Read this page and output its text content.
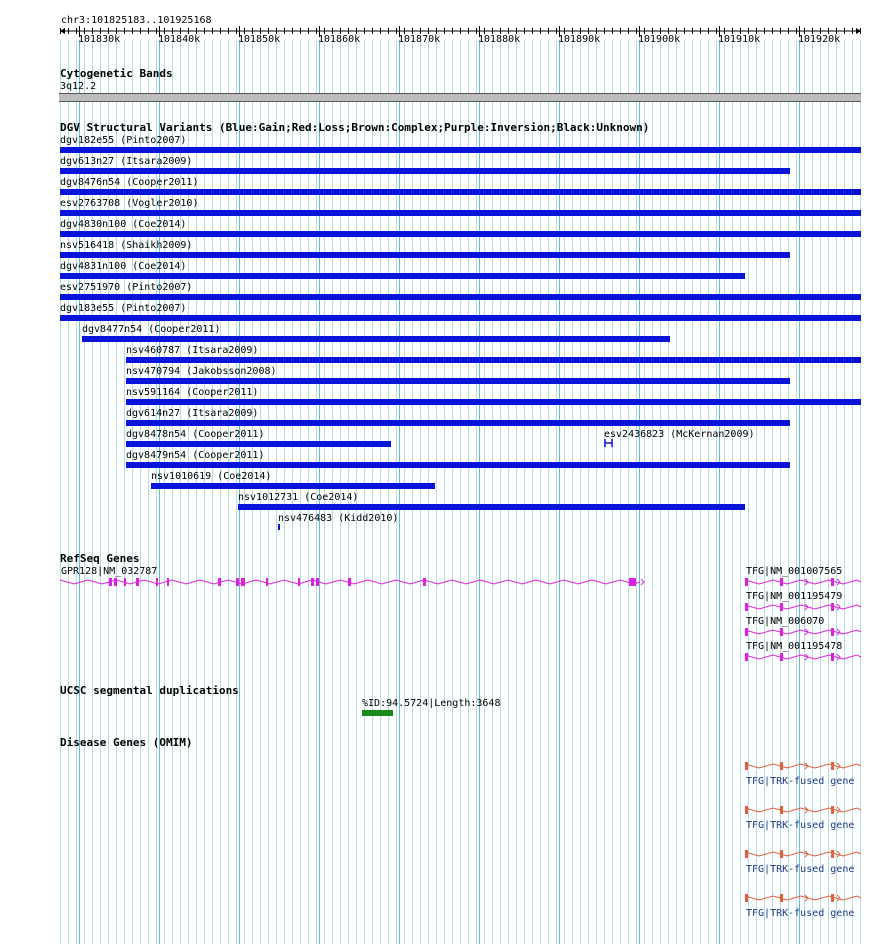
chr3:101825183..101925168
101830k	101840k	101850k	101860k	101870k	101880k	101890k	101900k	101910k	101920k
Cytogenetic Bands
3q12.2
DGV Structural Variants (Blue:Gain;Red:Loss;Brown:Complex;Purple:Inversion;Black:Unknown)
dgv182e55 (Pinto2007)
dgv613n27 (Itsara2009)
dgv8476n54 (Cooper2011)
esv2763708 (Vogler2010)
dgv4830n100 (Coe2014)
nsv516418 (Shaikh2009)
dgv4831n100 (Coe2014)
esv2751970 (Pinto2007)
dgv183e55 (Pinto2007)
dgv8477n54 (Cooper2011)
nsv460787 (Itsara2009)
nsv470794 (Jakobsson2008)
nsv591164 (Cooper2011)
dgv614n27 (Itsara2009)
dgv8478n54 (Cooper2011)	esv2436823 (McKernan2009)
dgv8479n54 (Cooper2011)
nsv1010619 (Coe2014)
nsv1012731 (Coe2014)
nsv476483 (Kidd2010)
RefSeq Genes
GPR128|NM_032787	TFG|NM_001007565
TFG|NM_001195479
TFG|NM_006070
TFG|NM_001195478
UCSC segmental duplications
%ID:94.5724|Length:3648
Disease Genes (OMIM)
TFG|TRK-fused gene
TFG|TRK-fused gene
TFG|TRK-fused gene
TFG|TRK-fused gene
